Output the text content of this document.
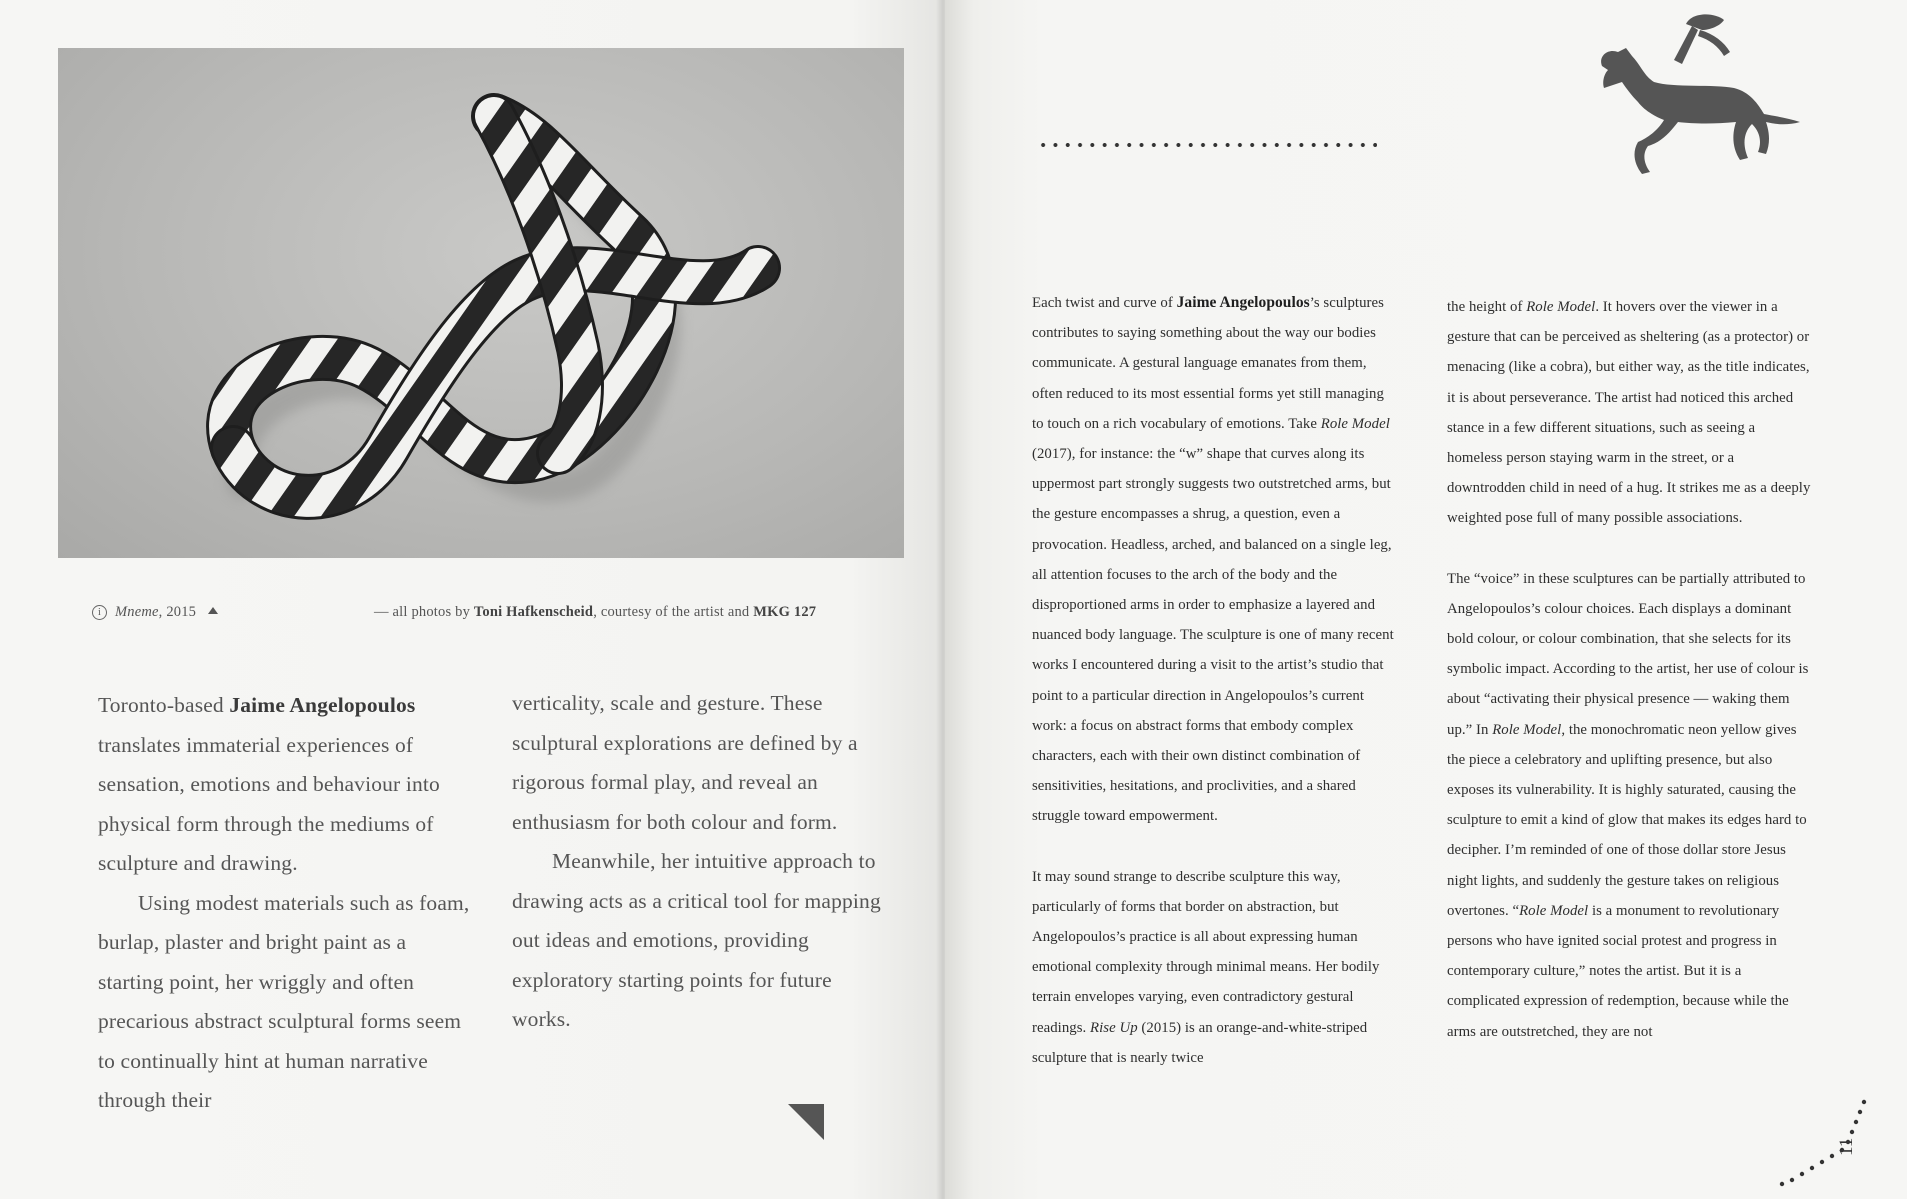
i Mneme, 2015	— all photos by Toni Hafkenscheid, courtesy of the artist and MKG 127

Toronto-based Jaime Angelopoulos translates immaterial experiences of sensation, emotions and behaviour into physical form through the mediums of sculpture and drawing.

Using modest materials such as foam, burlap, plaster and bright paint as a starting point, her wriggly and often precarious abstract sculptural forms seem to continually hint at human narrative through their

verticality, scale and gesture. These sculptural explorations are defined by a rigorous formal play, and reveal an enthusiasm for both colour and form.

Meanwhile, her intuitive approach to drawing acts as a critical tool for mapping out ideas and emotions, providing exploratory starting points for future works.

Each twist and curve of Jaime Angelopoulos’s sculptures contributes to saying something about the way our bodies communicate. A gestural language emanates from them, often reduced to its most essential forms yet still managing to touch on a rich vocabulary of emotions. Take Role Model (2017), for instance: the “w” shape that curves along its uppermost part strongly suggests two outstretched arms, but the gesture encompasses a shrug, a question, even a provocation. Headless, arched, and balanced on a single leg, all attention focuses to the arch of the body and the disproportioned arms in order to emphasize a layered and nuanced body language. The sculpture is one of many recent works I encountered during a visit to the artist’s studio that point to a particular direction in Angelopoulos’s current work: a focus on abstract forms that embody complex characters, each with their own distinct combination of sensitivities, hesitations, and proclivities, and a shared struggle toward empowerment.

It may sound strange to describe sculpture this way, particularly of forms that border on abstraction, but Angelopoulos’s practice is all about expressing human emotional complexity through minimal means. Her bodily terrain envelopes varying, even contradictory gestural readings. Rise Up (2015) is an orange-and-white-striped sculpture that is nearly twice

the height of Role Model. It hovers over the viewer in a gesture that can be perceived as sheltering (as a protector) or menacing (like a cobra), but either way, as the title indicates, it is about perseverance. The artist had noticed this arched stance in a few different situations, such as seeing a homeless person staying warm in the street, or a downtrodden child in need of a hug. It strikes me as a deeply weighted pose full of many possible associations.

The “voice” in these sculptures can be partially attributed to Angelopoulos’s colour choices. Each displays a dominant bold colour, or colour combination, that she selects for its symbolic impact. According to the artist, her use of colour is about “activating their physical presence — waking them up.” In Role Model, the monochromatic neon yellow gives the piece a celebratory and uplifting presence, but also exposes its vulnerability. It is highly saturated, causing the sculpture to emit a kind of glow that makes its edges hard to decipher. I’m reminded of one of those dollar store Jesus night lights, and suddenly the gesture takes on religious overtones. “Role Model is a monument to revolutionary persons who have ignited social protest and progress in contemporary culture,” notes the artist. But it is a complicated expression of redemption, because while the arms are outstretched, they are not

11
